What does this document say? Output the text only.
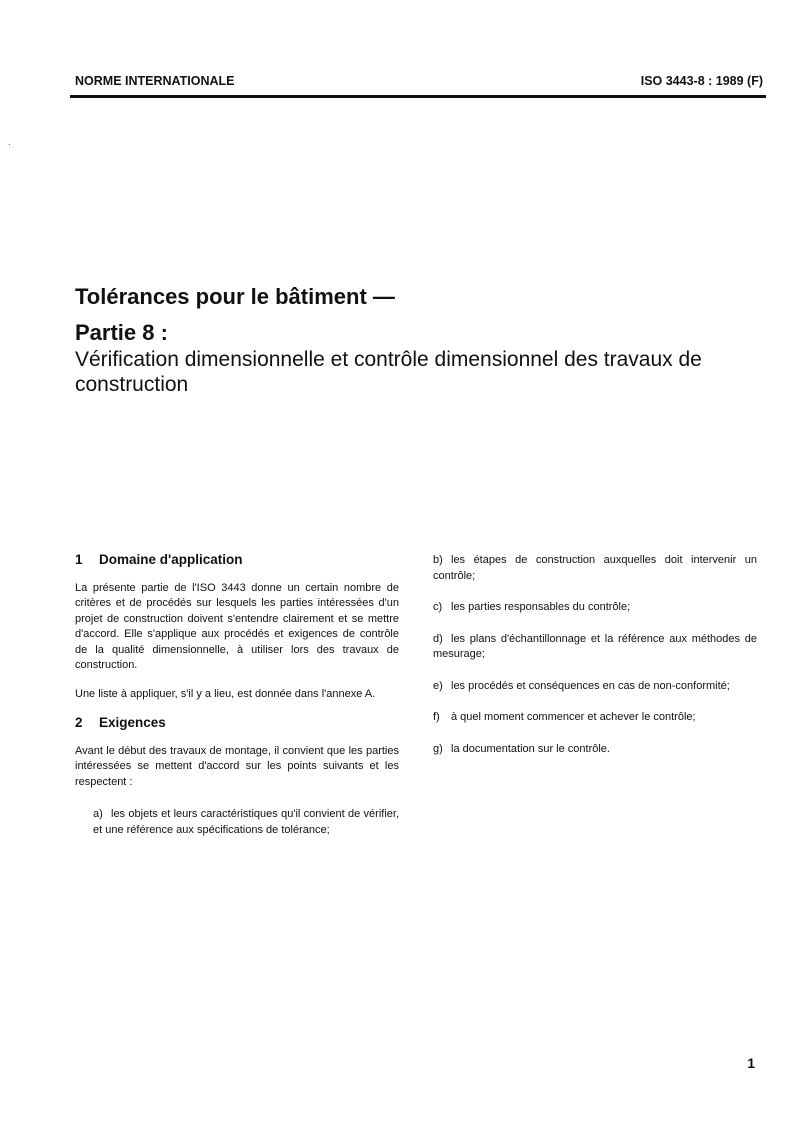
NORME INTERNATIONALE	ISO 3443-8 : 1989 (F)
·
Tolérances pour le bâtiment —
Partie 8 :
Vérification dimensionnelle et contrôle dimensionnel des travaux de construction
1 Domaine d'application

La présente partie de l'ISO 3443 donne un certain nombre de critères et de procédés sur lesquels les parties intéressées d'un projet de construction doivent s'entendre clairement et se mettre d'accord. Elle s'applique aux procédés et exigences de contrôle de la qualité dimensionnelle, à utiliser lors des travaux de construction.

Une liste à appliquer, s'il y a lieu, est donnée dans l'annexe A.

2 Exigences

Avant le début des travaux de montage, il convient que les parties intéressées se mettent d'accord sur les points suivants et les respectent :

a) les objets et leurs caractéristiques qu'il convient de vérifier, et une référence aux spécifications de tolérance;
b) les étapes de construction auxquelles doit intervenir un contrôle;
c) les parties responsables du contrôle;
d) les plans d'échantillonnage et la référence aux méthodes de mesurage;
e) les procédés et conséquences en cas de non-conformité;
f) à quel moment commencer et achever le contrôle;
g) la documentation sur le contrôle.
1
